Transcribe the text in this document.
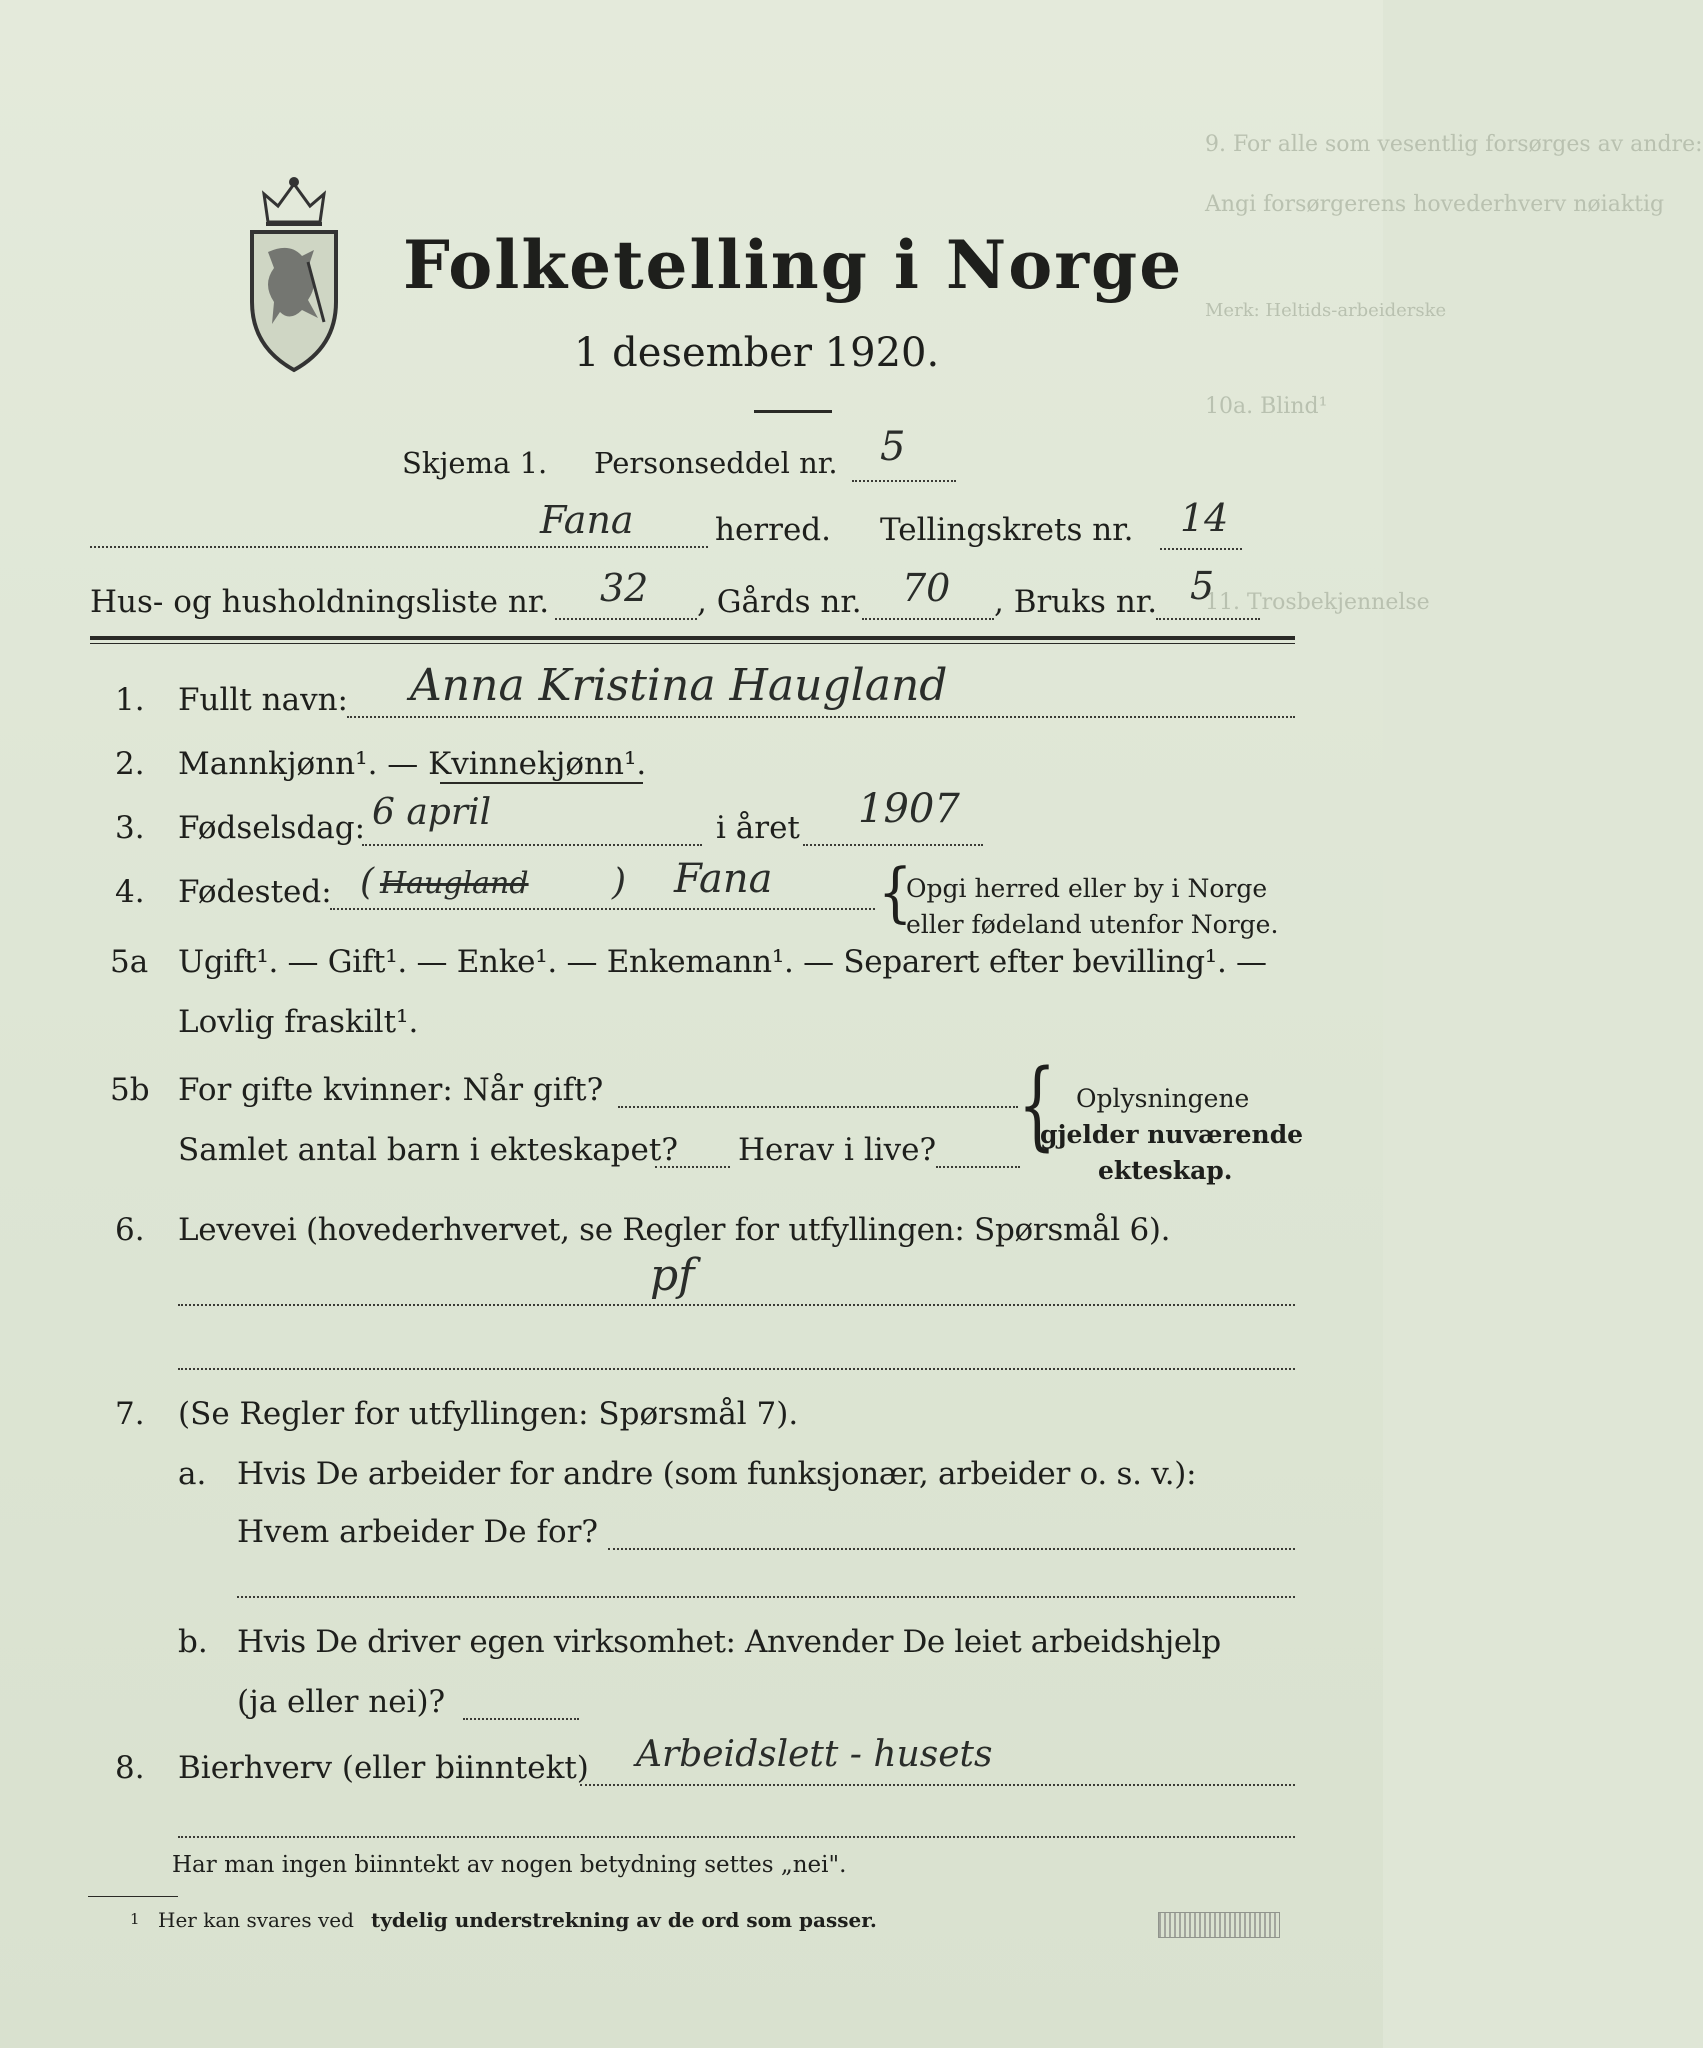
9. For alle som vesentlig forsørges av andre:
Angi forsørgerens hovederhverv nøiaktig
Merk: Heltids-arbeiderske
10a. Blind¹
11. Trosbekjennelse
Folketelling i Norge
1 desember 1920.
Skjema 1. Personseddel nr. 5
Fana	herred. Tellingskrets nr. 14
Hus- og husholdningsliste nr. 32 , Gårds nr. 70 , Bruks nr. 5
1. Fullt navn: Anna Kristina Haugland
2. Mannkjønn¹. — Kvinnekjønn¹.
3. Fødselsdag: 6 april	i året 1907
4. Fødested: ( Haugland ) Fana {
Opgi herred eller by i Norge
eller fødeland utenfor Norge.
5a Ugift¹. — Gift¹. — Enke¹. — Enkemann¹. — Separert efter bevilling¹. —
Lovlig fraskilt¹.
5b For gifte kvinner: Når gift?
Samlet antal barn i ekteskapet? Herav i live? { Oplysningene
gjelder nuværende
ekteskap.
6. Levevei (hovederhvervet, se Regler for utfyllingen: Spørsmål 6).
pf
7. (Se Regler for utfyllingen: Spørsmål 7).
a. Hvis De arbeider for andre (som funksjonær, arbeider o. s. v.):
Hvem arbeider De for?
b. Hvis De driver egen virksomhet: Anvender De leiet arbeidshjelp
(ja eller nei)?
8. Bierhverv (eller biinntekt) Arbeidslett - husets
Har man ingen biinntekt av nogen betydning settes „nei".
1 Her kan svares ved tydelig understrekning av de ord som passer.
